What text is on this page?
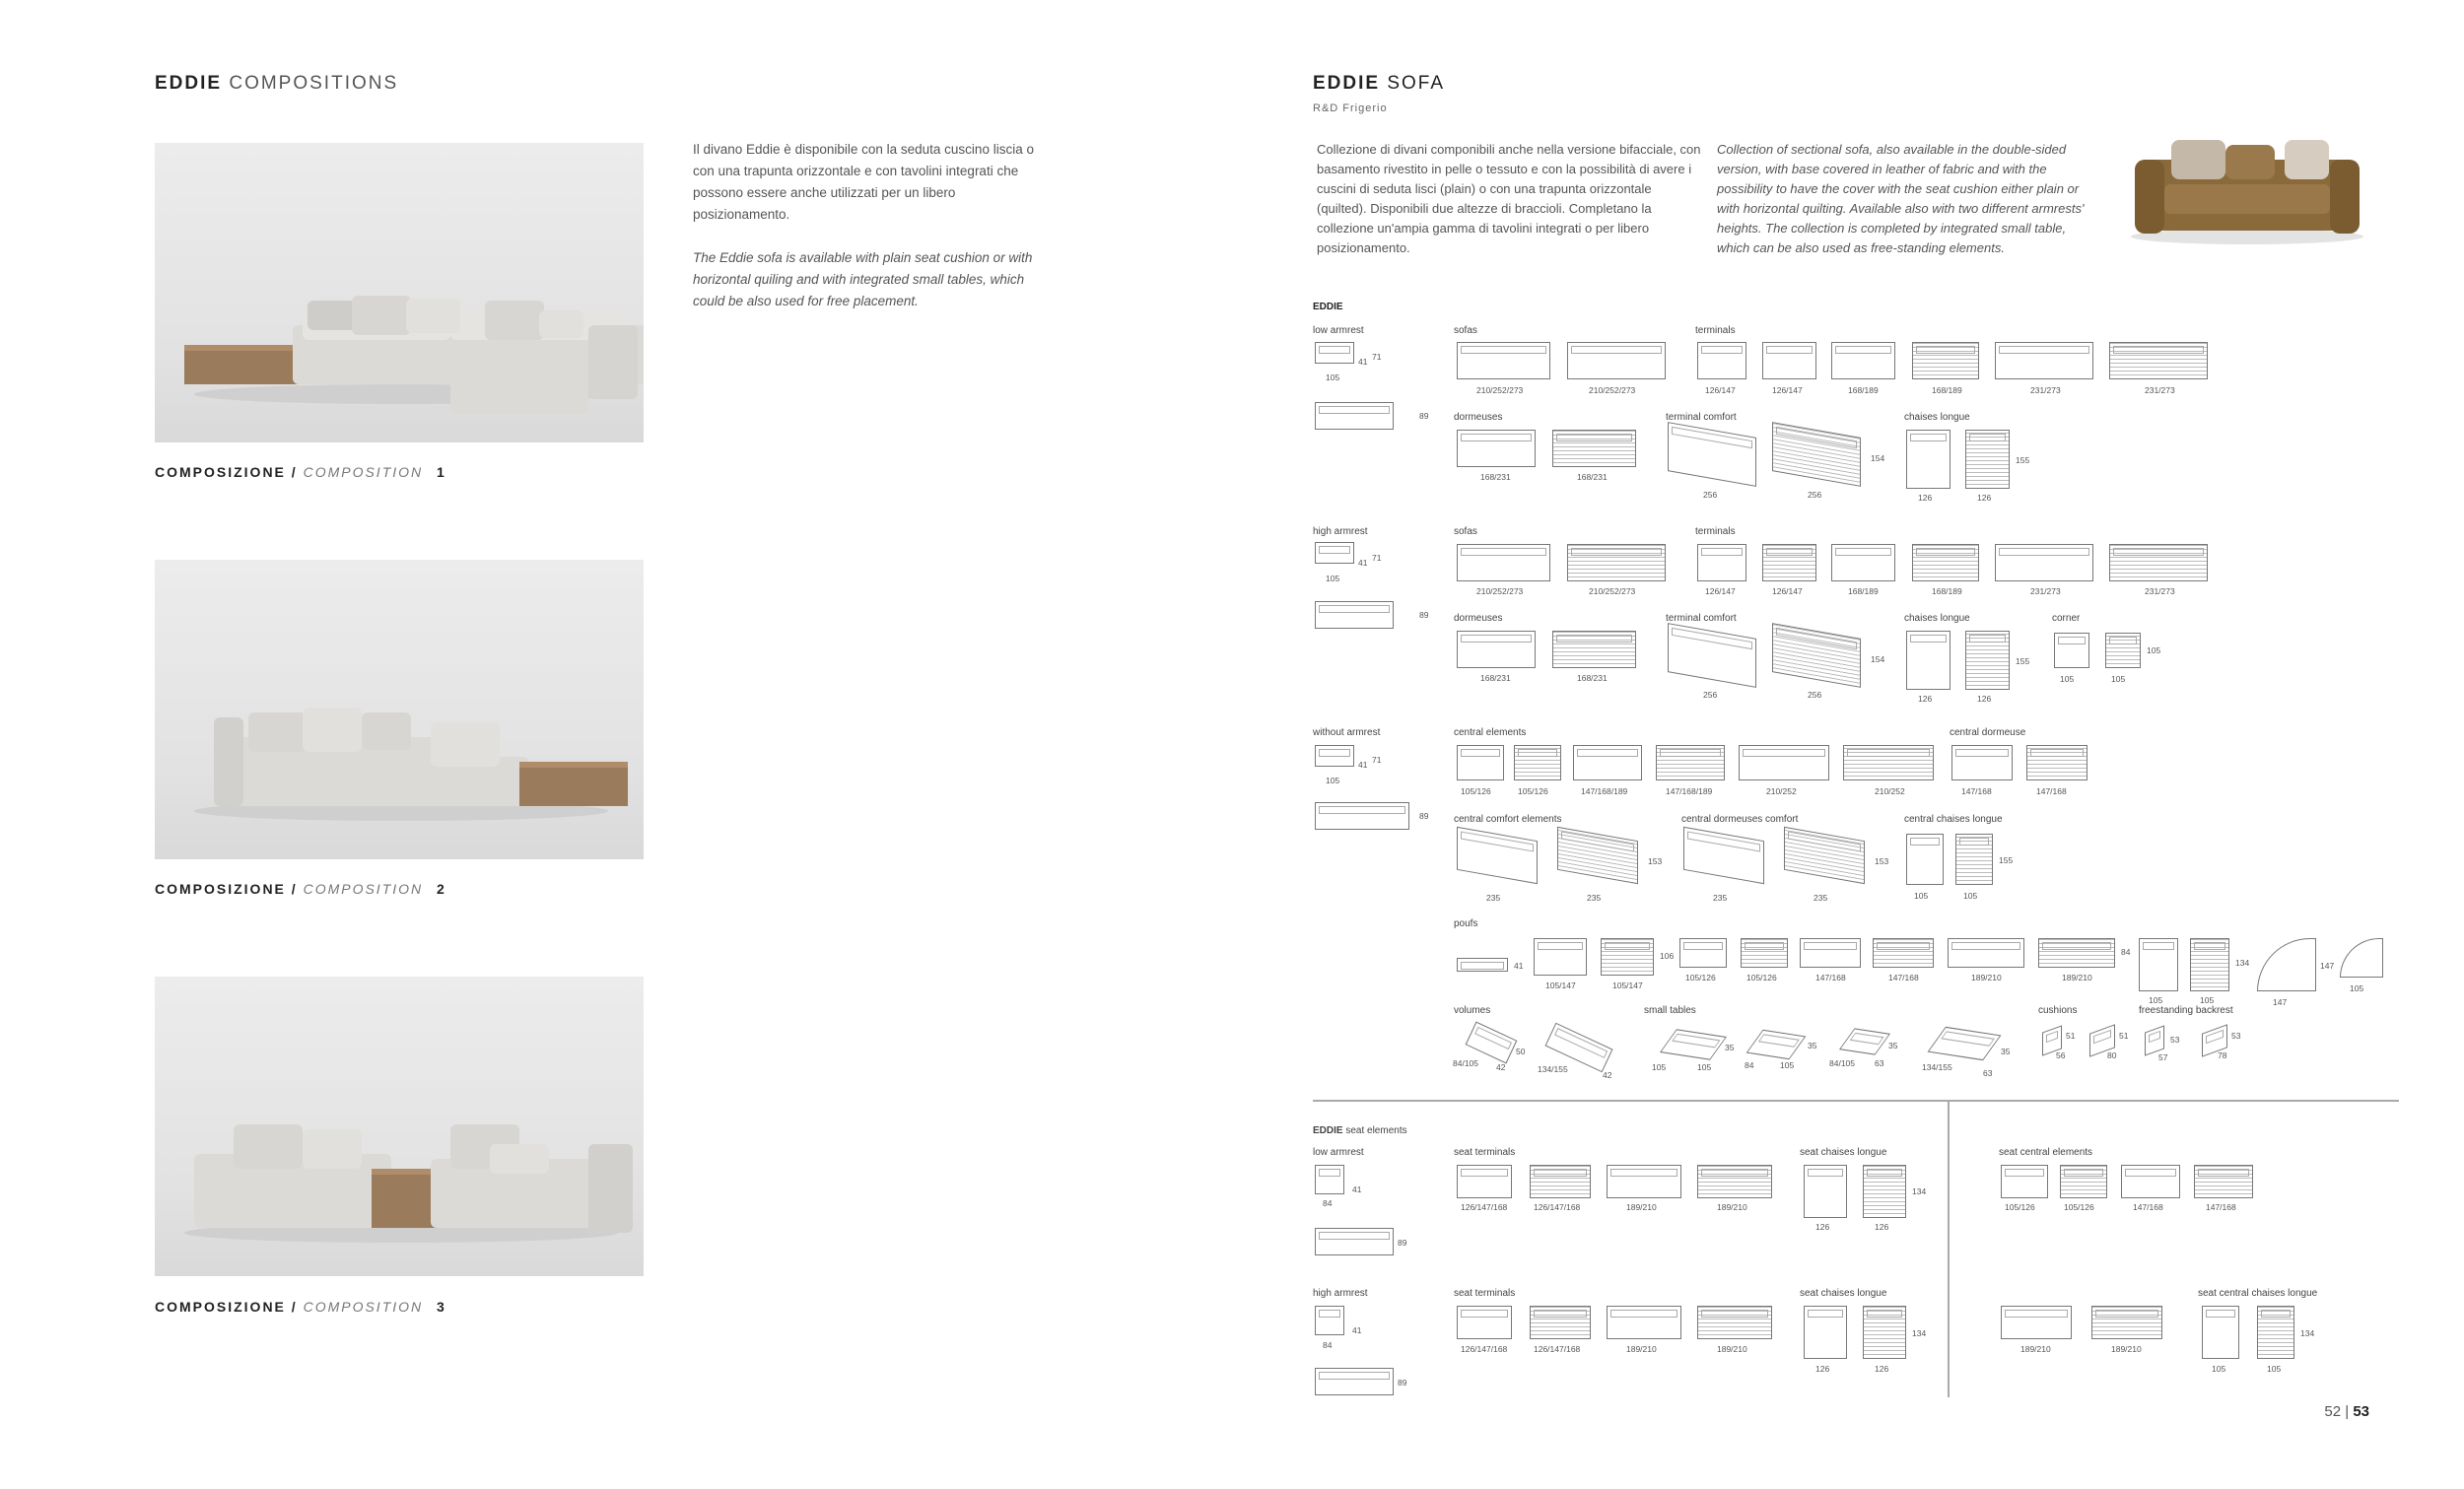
EDDIE COMPOSITIONS
COMPOSIZIONE / COMPOSITION 1
COMPOSIZIONE / COMPOSITION 2
COMPOSIZIONE / COMPOSITION 3
Il divano Eddie è disponibile con la seduta cuscino liscia o con una trapunta orizzontale e con tavolini integrati che possono essere anche utilizzati per un libero posizionamento.
The Eddie sofa is available with plain seat cushion or with horizontal quiling and with integrated small tables, which could be also used for free placement.
EDDIE SOFA
R&D Frigerio
Collezione di divani componibili anche nella versione bifacciale, con basamento rivestito in pelle o tessuto e con la possibilità di avere i cuscini di seduta lisci (plain) o con una trapunta orizzontale (quilted). Disponibili due altezze di braccioli. Completano la collezione un'ampia gamma di tavolini integrati o per libero posizionamento.
Collection of sectional sofa, also available in the double-sided version, with base covered in leather of fabric and with the possibility to have the cover with the seat cushion either plain or with horizontal quilting. Available also with two different armrests' heights. The collection is completed by integrated small table, which can be also used as free-standing elements.
EDDIE
low armrest
41 71
105
89
sofas
210/252/273	210/252/273
terminals
126/147	126/147	168/189	168/189	231/273	231/273
dormeuses
168/231	168/231
terminal comfort
154
256	256
chaises longue
155
126	126
high armrest
41 71
105
89
sofas
210/252/273	210/252/273
terminals
126/147	126/147	168/189	168/189	231/273	231/273
dormeuses
168/231	168/231
terminal comfort
154
256	256
chaises longue
155
126	126
corner
105
105	105
without armrest
41 71
105
89
central elements
105/126	105/126	147/168/189	147/168/189	210/252	210/252
central dormeuse
147/168	147/168
central comfort elements
153
235	235
central dormeuses comfort
153
235	235
central chaises longue
155
105	105
poufs
41
106	84
134	147
105/147	105/147
105/126	105/126	147/168	147/168	189/210	189/210
105	105	147
105
volumes
50
84/105 42	134/155
42
small tables
35
105	105
35
84	105
35
84/105 63
35
134/155
63
cushions
51
56
51
80
freestanding backrest
53
57
53
78
EDDIE seat elements
low armrest
41
84
89
seat terminals
126/147/168	126/147/168	189/210	189/210
seat chaises longue
134
126	126
seat central elements
105/126	105/126	147/168	147/168
high armrest
41
84
89
seat terminals
126/147/168	126/147/168	189/210	189/210
seat chaises longue
134
126	126
189/210	189/210
seat central chaises longue
134
105	105
52 | 53
